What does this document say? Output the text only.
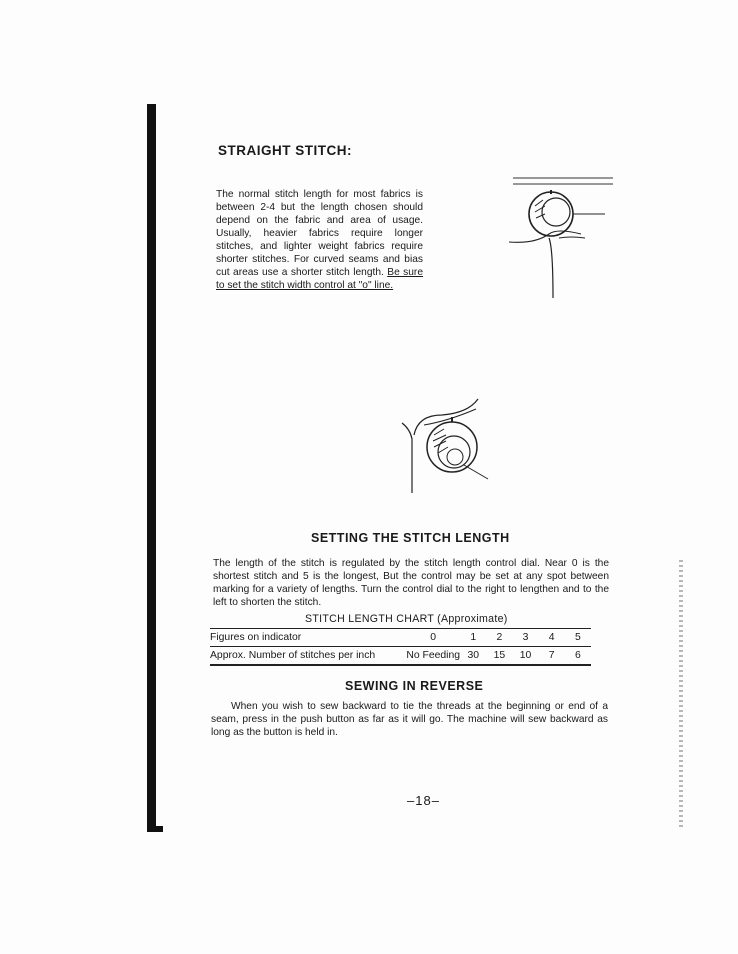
STRAIGHT STITCH:

The normal stitch length for most fabrics is between 2-4 but the length chosen should depend on the fabric and area of usage. Usually, heavier fabrics require longer stitches, and lighter weight fabrics require shorter stitches. For curved seams and bias cut areas use a shorter stitch length. Be sure to set the stitch width control at "o" line.

SETTING THE STITCH LENGTH

The length of the stitch is regulated by the stitch length control dial. Near 0 is the shortest stitch and 5 is the longest, But the control may be set at any spot between marking for a variety of lengths. Turn the control dial to the right to lengthen and to the left to shorten the stitch.

STITCH LENGTH CHART (Approximate)
Figures on indicator	0	1	2	3	4	5
Approx. Number of stitches per inch	No Feeding	30	15	10	7	6
SEWING IN REVERSE

When you wish to sew backward to tie the threads at the beginning or end of a seam, press in the push button as far as it will go. The machine will sew backward as long as the button is held in.

–18–
